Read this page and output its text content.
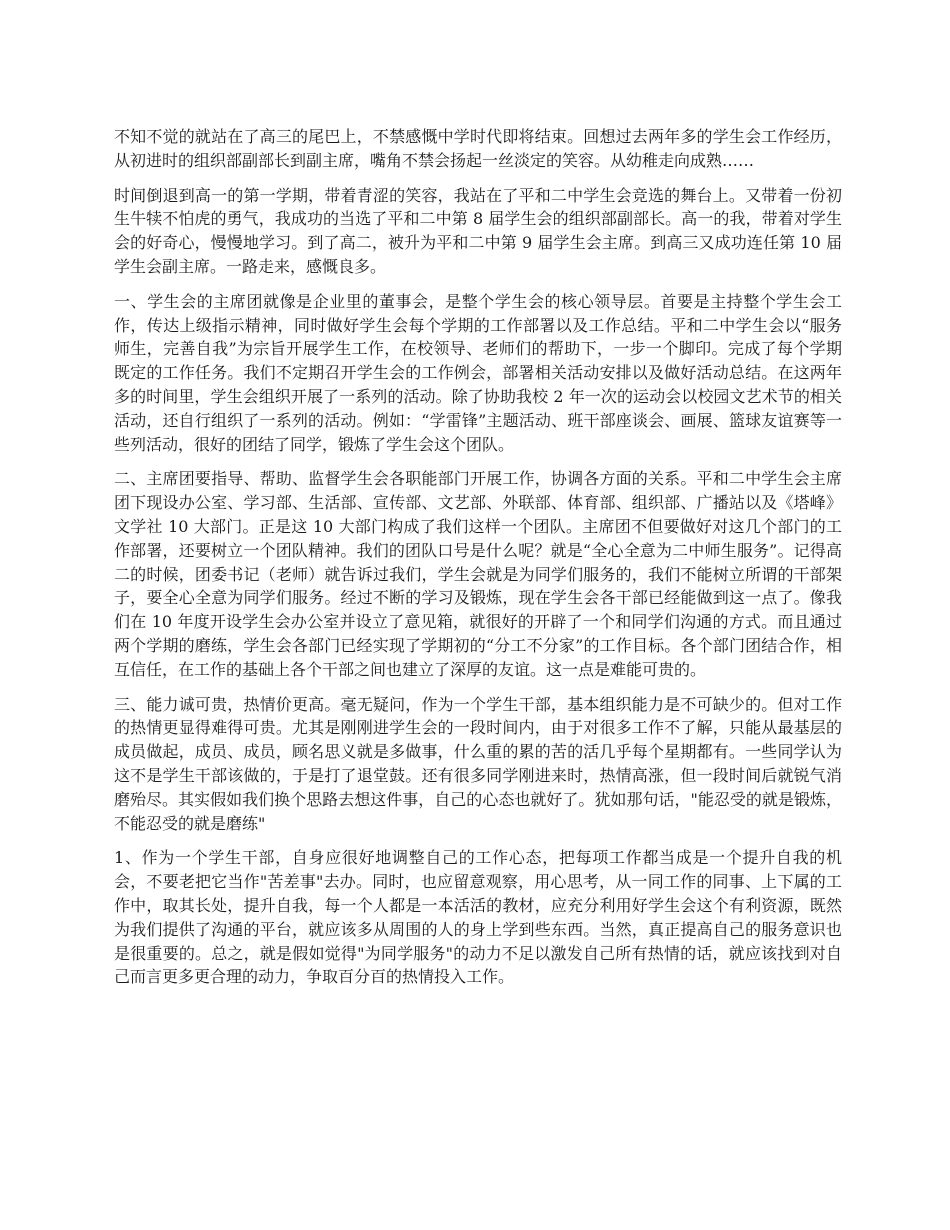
不知不觉的就站在了高三的尾巴上，不禁感慨中学时代即将结束。回想过去两年多的学生会工作经历，从初进时的组织部副部长到副主席，嘴角不禁会扬起一丝淡定的笑容。从幼稚走向成熟……

时间倒退到高一的第一学期，带着青涩的笑容，我站在了平和二中学生会竞选的舞台上。又带着一份初生牛犊不怕虎的勇气，我成功的当选了平和二中第 8 届学生会的组织部副部长。高一的我，带着对学生会的好奇心，慢慢地学习。到了高二，被升为平和二中第 9 届学生会主席。到高三又成功连任第 10 届学生会副主席。一路走来，感慨良多。

一、学生会的主席团就像是企业里的董事会，是整个学生会的核心领导层。首要是主持整个学生会工作，传达上级指示精神，同时做好学生会每个学期的工作部署以及工作总结。平和二中学生会以“服务师生，完善自我”为宗旨开展学生工作，在校领导、老师们的帮助下，一步一个脚印。完成了每个学期既定的工作任务。我们不定期召开学生会的工作例会，部署相关活动安排以及做好活动总结。在这两年多的时间里，学生会组织开展了一系列的活动。除了协助我校 2 年一次的运动会以校园文艺术节的相关活动，还自行组织了一系列的活动。例如：“学雷锋”主题活动、班干部座谈会、画展、篮球友谊赛等一些列活动，很好的团结了同学，锻炼了学生会这个团队。

二、主席团要指导、帮助、监督学生会各职能部门开展工作，协调各方面的关系。平和二中学生会主席团下现设办公室、学习部、生活部、宣传部、文艺部、外联部、体育部、组织部、广播站以及《塔峰》文学社 10 大部门。正是这 10 大部门构成了我们这样一个团队。主席团不但要做好对这几个部门的工作部署，还要树立一个团队精神。我们的团队口号是什么呢？就是“全心全意为二中师生服务”。记得高二的时候，团委书记（老师）就告诉过我们，学生会就是为同学们服务的，我们不能树立所谓的干部架子，要全心全意为同学们服务。经过不断的学习及锻炼，现在学生会各干部已经能做到这一点了。像我们在 10 年度开设学生会办公室并设立了意见箱，就很好的开辟了一个和同学们沟通的方式。而且通过两个学期的磨练，学生会各部门已经实现了学期初的“分工不分家”的工作目标。各个部门团结合作，相互信任，在工作的基础上各个干部之间也建立了深厚的友谊。这一点是难能可贵的。

三、能力诚可贵，热情价更高。毫无疑问，作为一个学生干部，基本组织能力是不可缺少的。但对工作的热情更显得难得可贵。尤其是刚刚进学生会的一段时间内，由于对很多工作不了解，只能从最基层的成员做起，成员、成员，顾名思义就是多做事，什么重的累的苦的活几乎每个星期都有。一些同学认为这不是学生干部该做的，于是打了退堂鼓。还有很多同学刚进来时，热情高涨，但一段时间后就锐气消磨殆尽。其实假如我们换个思路去想这件事，自己的心态也就好了。犹如那句话，"能忍受的就是锻炼，不能忍受的就是磨练"

1、作为一个学生干部，自身应很好地调整自己的工作心态，把每项工作都当成是一个提升自我的机会，不要老把它当作"苦差事"去办。同时，也应留意观察，用心思考，从一同工作的同事、上下属的工作中，取其长处，提升自我，每一个人都是一本活活的教材，应充分利用好学生会这个有利资源，既然为我们提供了沟通的平台，就应该多从周围的人的身上学到些东西。当然，真正提高自己的服务意识也是很重要的。总之，就是假如觉得"为同学服务"的动力不足以激发自己所有热情的话，就应该找到对自己而言更多更合理的动力，争取百分百的热情投入工作。
